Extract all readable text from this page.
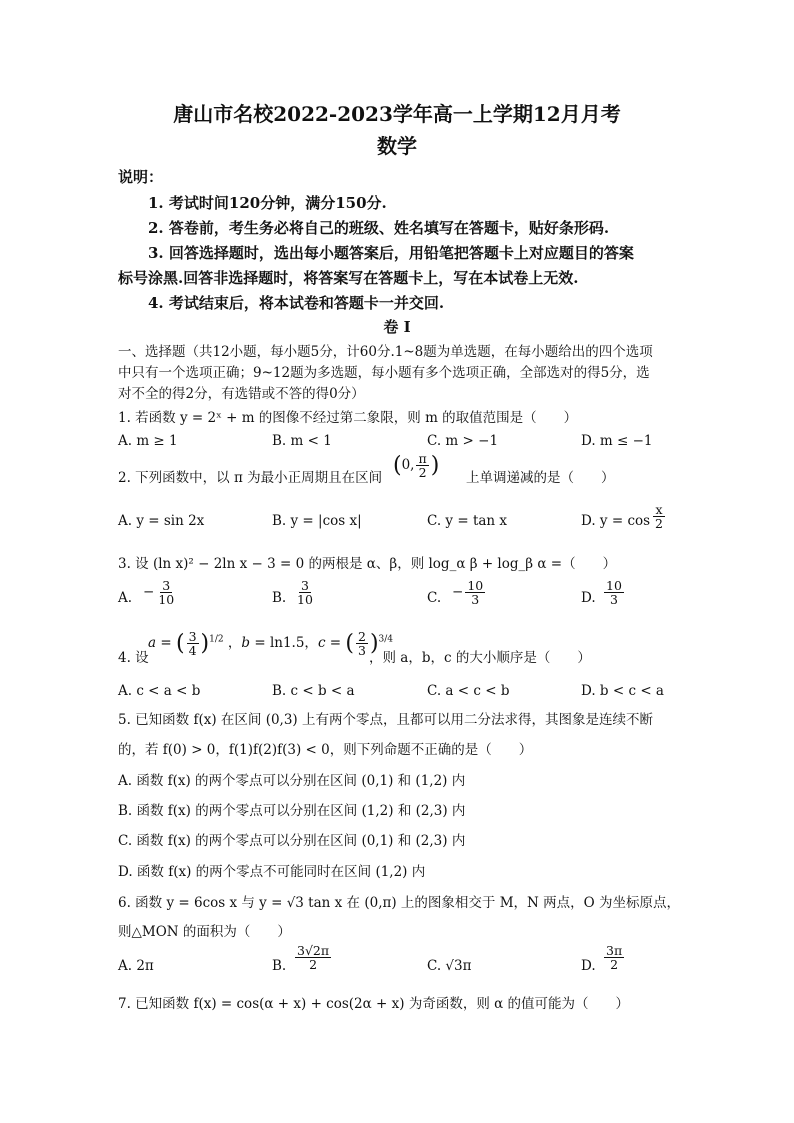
唐山市名校2022-2023学年高一上学期12月月考
数学
说明：
1. 考试时间120分钟，满分150分.
2. 答卷前，考生务必将自己的班级、姓名填写在答题卡，贴好条形码.
3. 回答选择题时，选出每小题答案后，用铅笔把答题卡上对应题目的答案
标号涂黑.回答非选择题时，将答案写在答题卡上，写在本试卷上无效.
4. 考试结束后，将本试卷和答题卡一并交回.
卷 I
一、选择题（共12小题，每小题5分，计60分.1~8题为单选题，在每小题给出的四个选项
中只有一个选项正确；9~12题为多选题，每小题有多个选项正确，全部选对的得5分，选
对不全的得2分，有选错或不答的得0分）
1. 若函数 y = 2ˣ + m 的图像不经过第二象限，则 m 的取值范围是（　　）
A. m ≥ 1	B. m < 1	C. m > −1	D. m ≤ −1
2. 下列函数中，以 π 为最小正周期且在区间 (0, $\frac{\pi}{2}$ ) 上单调递减的是（　　）
A. y = sin 2x	B. y = |cos x|	C. y = tan x	D. $y = \cos \frac{x}{2}$
3. 设 (ln x)² − 2ln x − 3 = 0 的两根是 α、β，则 log_α β + log_β α =（　　）
A. − $\frac{3}{10}$	B. $\frac{3}{10}$	C. − $\frac{10}{3}$	D. $\frac{10}{3}$
4. 设
a = ( $\frac{3}{4} )^{1/2}$ ，b = ln1.5，c = ( $\frac{2}{3} )^{3/4}$
，则 a，b，c 的大小顺序是（　　）
A. c < a < b	B. c < b < a	C. a < c < b	D. b < c < a
5. 已知函数 f(x) 在区间 (0,3) 上有两个零点，且都可以用二分法求得，其图象是连续不断
的，若 f(0) > 0，f(1)f(2)f(3) < 0，则下列命题不正确的是（　　）
A. 函数 f(x) 的两个零点可以分别在区间 (0,1) 和 (1,2) 内
B. 函数 f(x) 的两个零点可以分别在区间 (1,2) 和 (2,3) 内
C. 函数 f(x) 的两个零点可以分别在区间 (0,1) 和 (2,3) 内
D. 函数 f(x) 的两个零点不可能同时在区间 (1,2) 内
6. 函数 y = 6cos x 与 y = √3 tan x 在 (0,π) 上的图象相交于 M，N 两点，O 为坐标原点，
则△MON 的面积为（　　）
A. 2π	B. $\frac{3√2\pi}{2}$	C. √3π	D. $\frac{3\pi}{2}$
7. 已知函数 f(x) = cos(α + x) + cos(2α + x) 为奇函数，则 α 的值可能为（　　）
